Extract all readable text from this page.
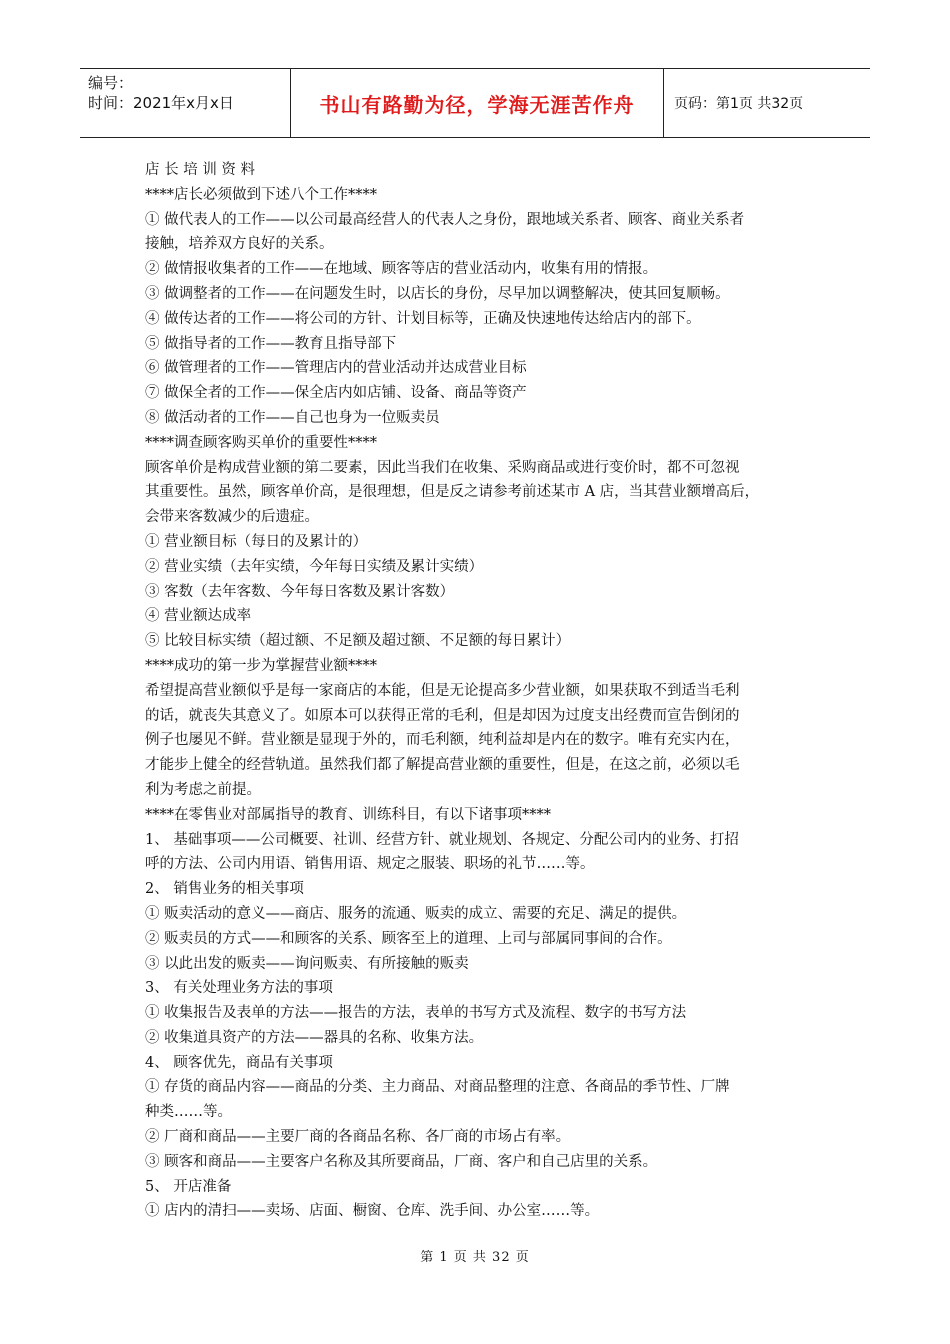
编号：
时间：2021年x月x日	书山有路勤为径，学海无涯苦作舟	页码：第1页 共32页
店 长 培 训 资 料
****店长必须做到下述八个工作****
① 做代表人的工作——以公司最高经营人的代表人之身份，跟地域关系者、顾客、商业关系者
接触，培养双方良好的关系。
② 做情报收集者的工作——在地域、顾客等店的营业活动内，收集有用的情报。
③ 做调整者的工作——在问题发生时，以店长的身份，尽早加以调整解决，使其回复顺畅。
④ 做传达者的工作——将公司的方针、计划目标等，正确及快速地传达给店内的部下。
⑤ 做指导者的工作——教育且指导部下
⑥ 做管理者的工作——管理店内的营业活动并达成营业目标
⑦ 做保全者的工作——保全店内如店铺、设备、商品等资产
⑧ 做活动者的工作——自己也身为一位贩卖员
****调查顾客购买单价的重要性****
顾客单价是构成营业额的第二要素，因此当我们在收集、采购商品或进行变价时，都不可忽视
其重要性。虽然，顾客单价高，是很理想，但是反之请参考前述某市 A 店，当其营业额增高后，
会带来客数减少的后遗症。
① 营业额目标（每日的及累计的）
② 营业实绩（去年实绩，今年每日实绩及累计实绩）
③ 客数（去年客数、今年每日客数及累计客数）
④ 营业额达成率
⑤ 比较目标实绩（超过额、不足额及超过额、不足额的每日累计）
****成功的第一步为掌握营业额****
希望提高营业额似乎是每一家商店的本能，但是无论提高多少营业额，如果获取不到适当毛利
的话，就丧失其意义了。如原本可以获得正常的毛利，但是却因为过度支出经费而宣告倒闭的
例子也屡见不鲜。营业额是显现于外的，而毛利额，纯利益却是内在的数字。唯有充实内在，
才能步上健全的经营轨道。虽然我们都了解提高营业额的重要性，但是，在这之前，必须以毛
利为考虑之前提。
****在零售业对部属指导的教育、训练科目，有以下诸事项****
1、 基础事项——公司概要、社训、经营方针、就业规划、各规定、分配公司内的业务、打招
呼的方法、公司内用语、销售用语、规定之服装、职场的礼节……等。
2、 销售业务的相关事项
① 贩卖活动的意义——商店、服务的流通、贩卖的成立、需要的充足、满足的提供。
② 贩卖员的方式——和顾客的关系、顾客至上的道理、上司与部属同事间的合作。
③ 以此出发的贩卖——询问贩卖、有所接触的贩卖
3、 有关处理业务方法的事项
① 收集报告及表单的方法——报告的方法，表单的书写方式及流程、数字的书写方法
② 收集道具资产的方法——器具的名称、收集方法。
4、 顾客优先，商品有关事项
① 存货的商品内容——商品的分类、主力商品、对商品整理的注意、各商品的季节性、厂牌
种类……等。
② 厂商和商品——主要厂商的各商品名称、各厂商的市场占有率。
③ 顾客和商品——主要客户名称及其所要商品，厂商、客户和自己店里的关系。
5、 开店准备
① 店内的清扫——卖场、店面、橱窗、仓库、洗手间、办公室……等。
第 1 页 共 32 页
